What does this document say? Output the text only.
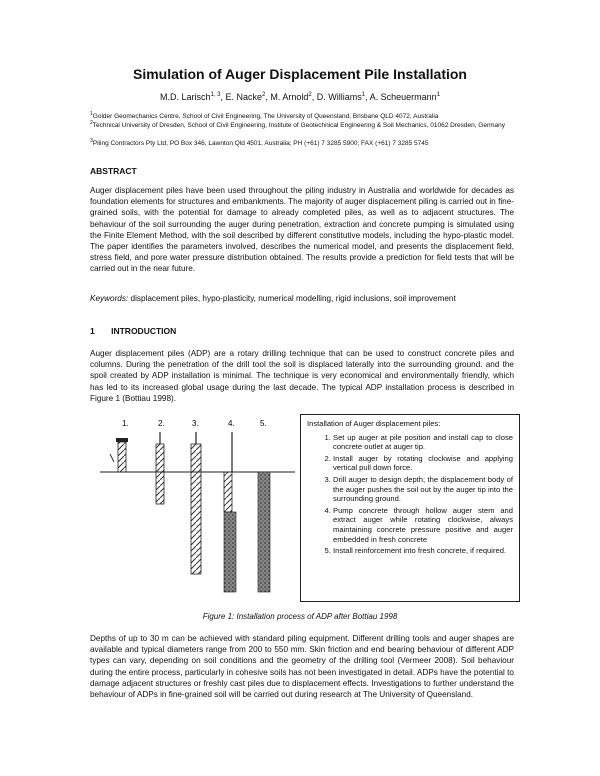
Simulation of Auger Displacement Pile Installation
M.D. Larisch$^{1, 3}$, E. Nacke$^2$, M. Arnold$^2$, D. Williams$^1$, A. Scheuermann$^1$
$^1$Golder Geomechanics Centre, School of Civil Engineering, The University of Queensland, Brisbane QLD 4072, Australia
$^2$Technical University of Dresden, School of Civil Engineering, Institute of Geotechnical Engineering & Soil Mechanics, 01062 Dresden, Germany
$^3$Piling Contractors Pty Ltd, PO Box 346, Lawnton Qld 4501, Australia; PH (+61) 7 3285 5900; FAX (+61) 7 3285 5745
ABSTRACT
Auger displacement piles have been used throughout the piling industry in Australia and worldwide for decades as foundation elements for structures and embankments. The majority of auger displacement piling is carried out in fine-grained soils, with the potential for damage to already completed piles, as well as to adjacent structures. The behaviour of the soil surrounding the auger during penetration, extraction and concrete pumping is simulated using the Finite Element Method, with the soil described by different constitutive models, including the hypo-plastic model. The paper identifies the parameters involved, describes the numerical model, and presents the displacement field, stress field, and pore water pressure distribution obtained. The results provide a prediction for field tests that will be carried out in the near future.
Keywords: displacement piles, hypo-plasticity, numerical modelling, rigid inclusions, soil improvement
1 INTRODUCTION
Auger displacement piles (ADP) are a rotary drilling technique that can be used to construct concrete piles and columns. During the penetration of the drill tool the soil is displaced laterally into the surrounding ground. and the spoil created by ADP installation is minimal. The technique is very economical and environmentally friendly, which has led to its increased global usage during the last decade. The typical ADP installation process is described in Figure 1 (Bottiau 1998).
1.	2.	3.	4.	5.	Installation of Auger displacement piles:
1. Set up auger at pile position and install cap to close concrete outlet at auger tip.
2. Install auger by rotating clockwise and applying vertical pull down force.
3. Drill auger to design depth; the displacement body of the auger pushes the soil out by the auger tip into the surrounding ground.
4. Pump concrete through hollow auger stem and extract auger while rotating clockwise, always maintaining concrete pressure positive and auger embedded in fresh concrete
5. Install reinforcement into fresh concrete, if required.
Figure 1: Installation process of ADP after Bottiau 1998
Depths of up to 30 m can be achieved with standard piling equipment. Different drilling tools and auger shapes are available and typical diameters range from 200 to 550 mm. Skin friction and end bearing behaviour of different ADP types can vary, depending on soil conditions and the geometry of the drilling tool (Vermeer 2008). Soil behaviour during the entire process, particularly in cohesive soils has not been investigated in detail. ADPs have the potential to damage adjacent structures or freshly cast piles due to displacement effects. Investigations to further understand the behaviour of ADPs in fine-grained soil will be carried out during research at The University of Queensland.
